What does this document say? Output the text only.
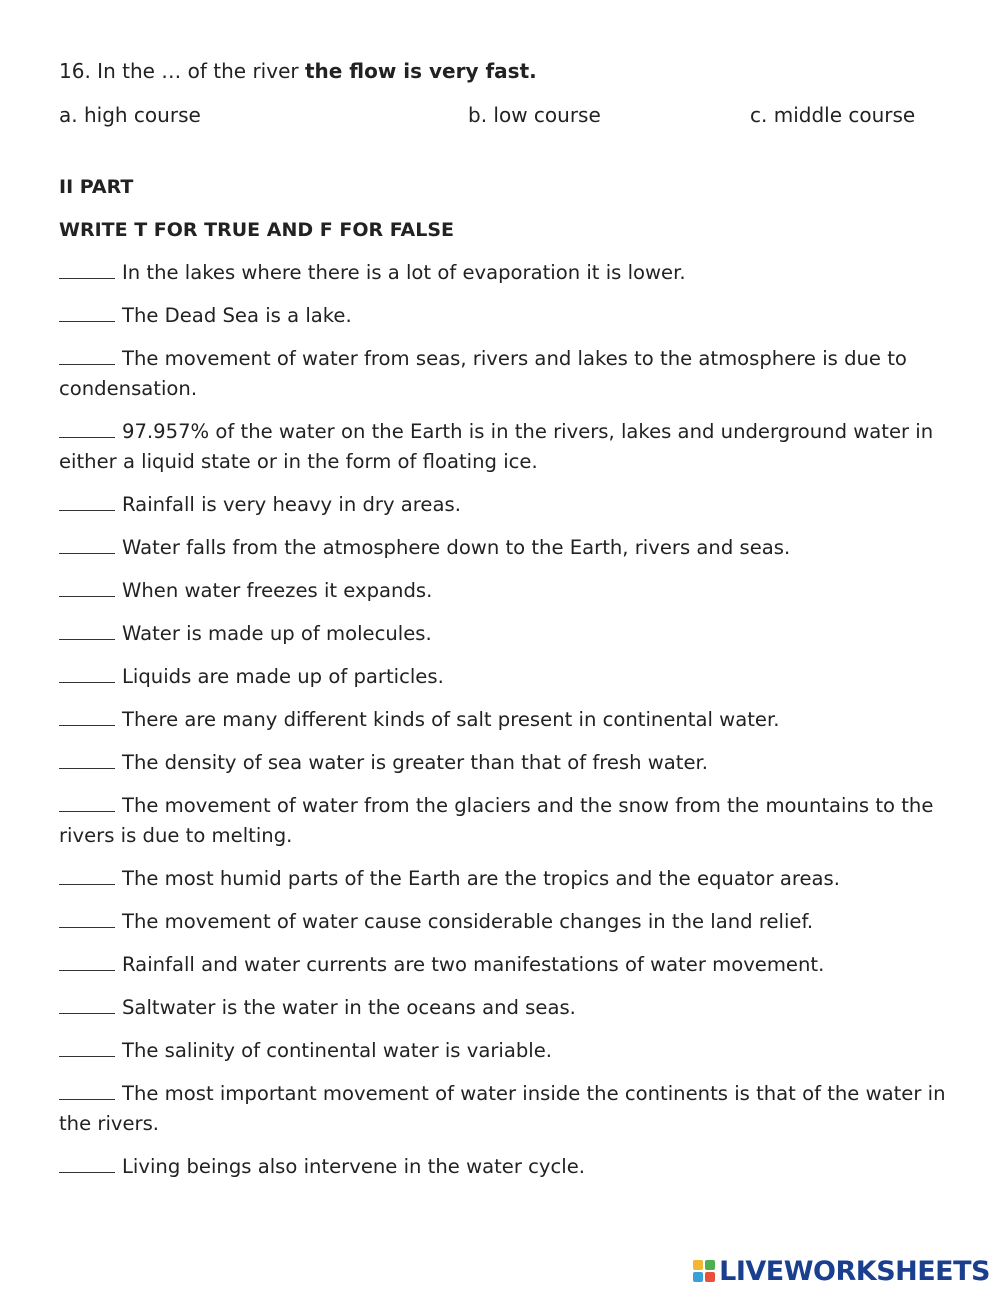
16. In the … of the river the flow is very fast.

a. high course	b. low course	c. middle course
II PART
WRITE T FOR TRUE AND F FOR FALSE
In the lakes where there is a lot of evaporation it is lower.
The Dead Sea is a lake.
The movement of water from seas, rivers and lakes to the atmosphere is due to condensation.
97.957% of the water on the Earth is in the rivers, lakes and underground water in either a liquid state or in the form of floating ice.
Rainfall is very heavy in dry areas.
Water falls from the atmosphere down to the Earth, rivers and seas.
When water freezes it expands.
Water is made up of molecules.
Liquids are made up of particles.
There are many different kinds of salt present in continental water.
The density of sea water is greater than that of fresh water.
The movement of water from the glaciers and the snow from the mountains to the rivers is due to melting.
The most humid parts of the Earth are the tropics and the equator areas.
The movement of water cause considerable changes in the land relief.
Rainfall and water currents are two manifestations of water movement.
Saltwater is the water in the oceans and seas.
The salinity of continental water is variable.
The most important movement of water inside the continents is that of the water in the rivers.
Living beings also intervene in the water cycle.
LIVEWORKSHEETS
